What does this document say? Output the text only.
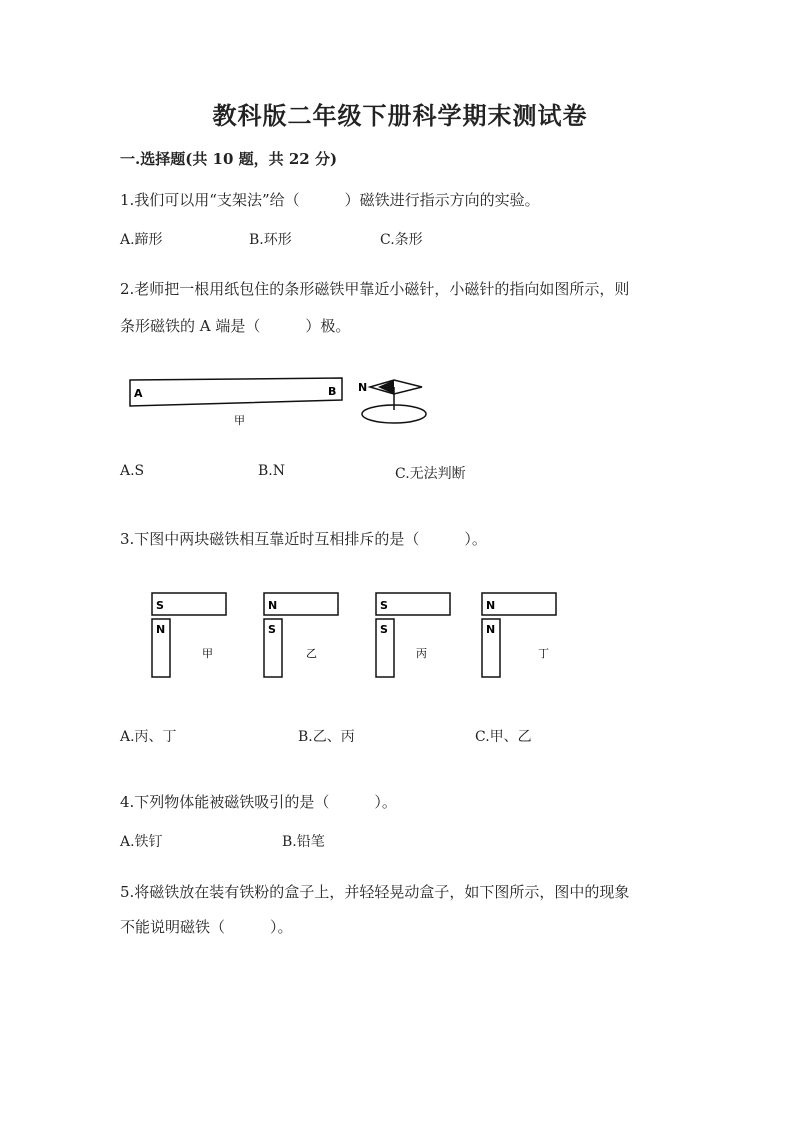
教科版二年级下册科学期末测试卷
一.选择题(共 10 题，共 22 分)
1.我们可以用“支架法”给（　　　）磁铁进行指示方向的实验。
A.蹄形	B.环形	C.条形
2.老师把一根用纸包住的条形磁铁甲靠近小磁针，小磁针的指向如图所示，则
条形磁铁的 A 端是（　　　）极。
A	B
甲
N
A.S	B.N	C.无法判断
3.下图中两块磁铁相互靠近时互相排斥的是（　　　）。
S
N
甲
N
S
乙
S
S
丙
N
N
丁
A.丙、丁	B.乙、丙	C.甲、乙
4.下列物体能被磁铁吸引的是（　　　）。
A.铁钉	B.铅笔
5.将磁铁放在装有铁粉的盒子上，并轻轻晃动盒子，如下图所示，图中的现象
不能说明磁铁（　　　）。
